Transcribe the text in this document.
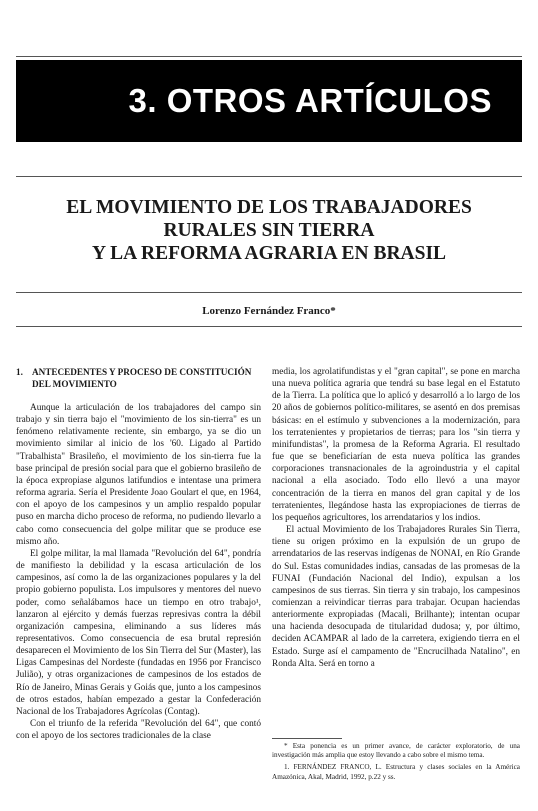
3. OTROS ARTÍCULOS
EL MOVIMIENTO DE LOS TRABAJADORES
RURALES SIN TIERRA
Y LA REFORMA AGRARIA EN BRASIL
Lorenzo Fernández Franco*

1. ANTECEDENTES Y PROCESO DE CONSTITUCIÓN DEL MOVIMIENTO

Aunque la articulación de los trabajadores del campo sin trabajo y sin tierra bajo el "movimiento de los sin-tierra" es un fenómeno relativamente reciente, sin embargo, ya se dio un movimiento similar al inicio de los '60. Ligado al Partido "Trabalhista" Brasileño, el movimiento de los sin-tierra fue la base principal de presión social para que el gobierno brasileño de la época expropiase algunos latifundios e intentase una primera reforma agraria. Sería el Presidente Joao Goulart el que, en 1964, con el apoyo de los campesinos y un amplio respaldo popular puso en marcha dicho proceso de reforma, no pudiendo llevarlo a cabo como consecuencia del golpe militar que se produce ese mismo año.

El golpe militar, la mal llamada "Revolución del 64", pondría de manifiesto la debilidad y la escasa articulación de los campesinos, así como la de las organizaciones populares y la del propio gobierno populista. Los impulsores y mentores del nuevo poder, como señalábamos hace un tiempo en otro trabajo¹, lanzaron al ejército y demás fuerzas represivas contra la débil organización campesina, eliminando a sus líderes más representativos. Como consecuencia de esa brutal represión desaparecen el Movimiento de los Sin Tierra del Sur (Master), las Ligas Campesinas del Nordeste (fundadas en 1956 por Francisco Julião), y otras organizaciones de campesinos de los estados de Río de Janeiro, Minas Gerais y Goiás que, junto a los campesinos de otros estados, habían empezado a gestar la Confederación Nacional de los Trabajadores Agrícolas (Contag).

Con el triunfo de la referida "Revolución del 64", que contó con el apoyo de los sectores tradicionales de la clase

media, los agrolatifundistas y el "gran capital", se pone en marcha una nueva política agraria que tendrá su base legal en el Estatuto de la Tierra. La política que lo aplicó y desarrolló a lo largo de los 20 años de gobiernos político-militares, se asentó en dos premisas básicas: en el estímulo y subvenciones a la modernización, para los terratenientes y propietarios de tierras; para los "sin tierra y minifundistas", la promesa de la Reforma Agraria. El resultado fue que se beneficiarían de esta nueva política las grandes corporaciones transnacionales de la agroindustria y el capital nacional a ella asociado. Todo ello llevó a una mayor concentración de la tierra en manos del gran capital y de los terratenientes, llegándose hasta las expropiaciones de tierras de los pequeños agricultores, los arrendatarios y los indios.

El actual Movimiento de los Trabajadores Rurales Sin Tierra, tiene su origen próximo en la expulsión de un grupo de arrendatarios de las reservas indígenas de NONAI, en Río Grande do Sul. Estas comunidades indias, cansadas de las promesas de la FUNAI (Fundación Nacional del Indio), expulsan a los campesinos de sus tierras. Sin tierra y sin trabajo, los campesinos comienzan a reivindicar tierras para trabajar. Ocupan haciendas anteriormente expropiadas (Macali, Brilhante); intentan ocupar una hacienda desocupada de titularidad dudosa; y, por último, deciden ACAMPAR al lado de la carretera, exigiendo tierra en el Estado. Surge así el campamento de "Encrucilhada Natalino", en Ronda Alta. Será en torno a

* Esta ponencia es un primer avance, de carácter exploratorio, de una investigación más amplia que estoy llevando a cabo sobre el mismo tema.

1. FERNÁNDEZ FRANCO, L. Estructura y clases sociales en la América Amazónica, Akal, Madrid, 1992, p.22 y ss.
